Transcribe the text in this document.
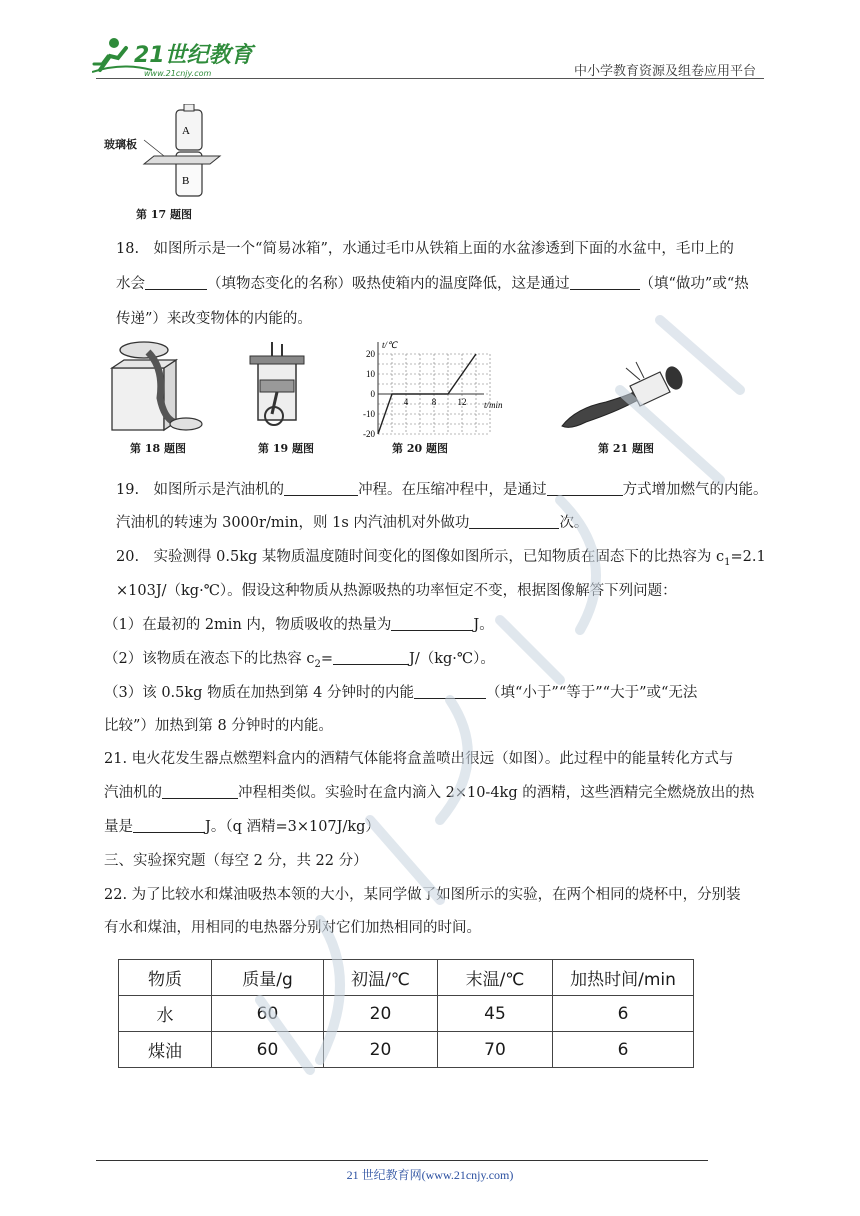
21世纪教育
www.21cnjy.com	中小学教育资源及组卷应用平台
A
B
玻璃板
第 17 题图
18.　如图所示是一个“简易冰箱”，水通过毛巾从铁箱上面的水盆渗透到下面的水盆中，毛巾上的
水会	（填物态变化的名称）吸热使箱内的温度降低，这是通过	（填“做功”或“热
传递”）来改变物体的内能的。
第 18 题图	第 19 题图
20
10
0
-10
-20
4	8 12
t/℃
t/min
第 20 题图	第 21 题图
19.　如图所示是汽油机的	冲程。在压缩冲程中，是通过	方式增加燃气的内能。
汽油机的转速为 3000r/min，则 1s 内汽油机对外做功	次。
20.　实验测得 0.5kg 某物质温度随时间变化的图像如图所示，已知物质在固态下的比热容为 $c_1=2.1$
×103J/（kg·℃）。假设这种物质从热源吸热的功率恒定不变，根据图像解答下列问题：
（1）在最初的 2min 内，物质吸收的热量为	J。
（2）该物质在液态下的比热容 $c_2=$	J/（kg·℃）。
（3）该 0.5kg 物质在加热到第 4 分钟时的内能	（填“小于”“等于”“大于”或“无法
比较”）加热到第 8 分钟时的内能。
21. 电火花发生器点燃塑料盒内的酒精气体能将盒盖喷出很远（如图）。此过程中的能量转化方式与
汽油机的	冲程相类似。实验时在盒内滴入 2×10-4kg 的酒精，这些酒精完全燃烧放出的热
量是	J。（q 酒精=3×107J/kg）
三、实验探究题（每空 2 分，共 22 分）
22. 为了比较水和煤油吸热本领的大小，某同学做了如图所示的实验，在两个相同的烧杯中，分别装
有水和煤油，用相同的电热器分别对它们加热相同的时间。
物质	质量/g	初温/℃	末温/℃	加热时间/min
水	60	20	45	6
煤油	60	20	70	6
21 世纪教育网(www.21cnjy.com)
